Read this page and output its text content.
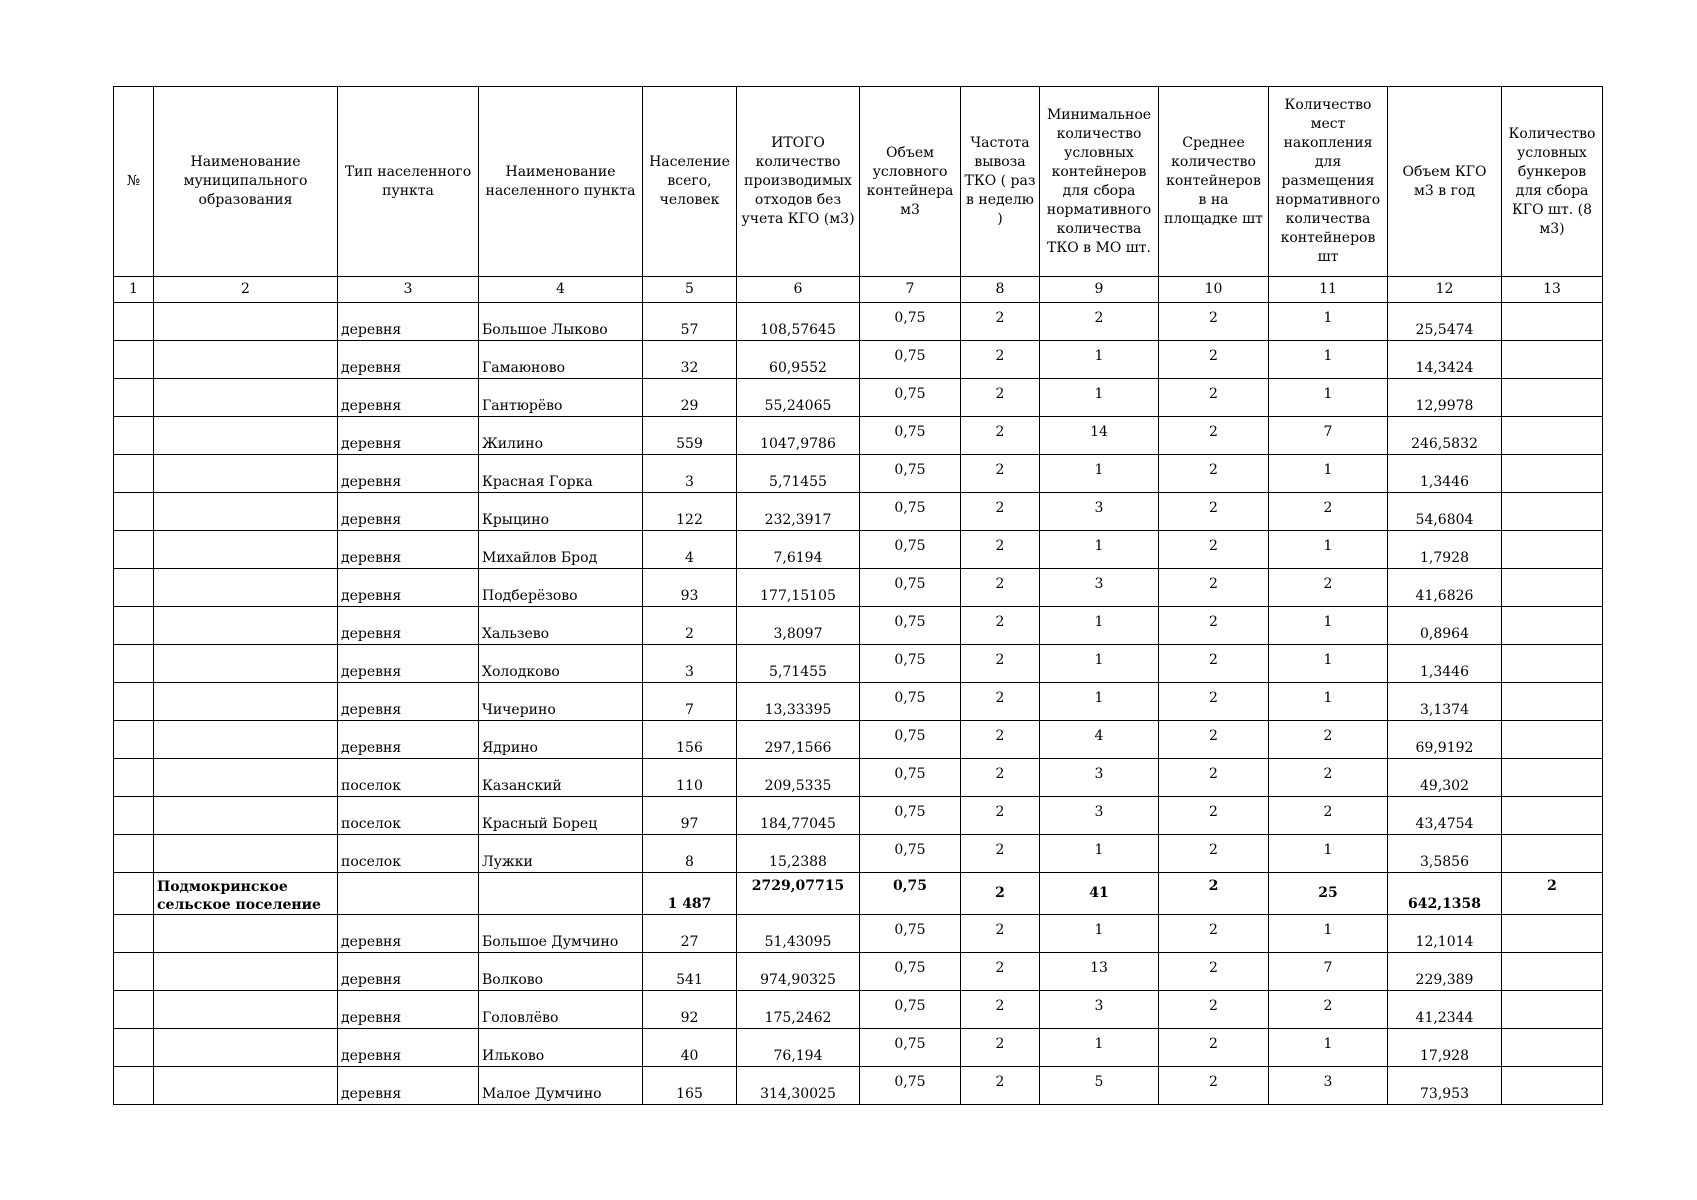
№	Наименование муниципального образования	Тип населенного пункта	Наименование населенного пункта	Население всего, человек	ИТОГО количество производимых отходов без учета КГО (м3)	Объем условного контейнера м3	Частота вывоза ТКО ( раз в неделю )	Минимальное количество условных контейнеров для сбора нормативного количества ТКО в МО шт.	Среднее количество контейнеров в на площадке шт	Количество мест накопления для размещения нормативного количества контейнеров шт	Объем КГО м3 в год	Количество условных бункеров для сбора КГО шт. (8 м3)
1	2	3	4	5	6	7	8	9	10	11	12	13
		деревня	Большое Лыково	57	108,57645	0,75	2	2	2	1	25,5474	
		деревня	Гамаюново	32	60,9552	0,75	2	1	2	1	14,3424	
		деревня	Гантюрёво	29	55,24065	0,75	2	1	2	1	12,9978	
		деревня	Жилино	559	1047,9786	0,75	2	14	2	7	246,5832	
		деревня	Красная Горка	3	5,71455	0,75	2	1	2	1	1,3446	
		деревня	Крыцино	122	232,3917	0,75	2	3	2	2	54,6804	
		деревня	Михайлов Брод	4	7,6194	0,75	2	1	2	1	1,7928	
		деревня	Подберёзово	93	177,15105	0,75	2	3	2	2	41,6826	
		деревня	Хальзево	2	3,8097	0,75	2	1	2	1	0,8964	
		деревня	Холодково	3	5,71455	0,75	2	1	2	1	1,3446	
		деревня	Чичерино	7	13,33395	0,75	2	1	2	1	3,1374	
		деревня	Ядрино	156	297,1566	0,75	2	4	2	2	69,9192	
		поселок	Казанский	110	209,5335	0,75	2	3	2	2	49,302	
		поселок	Красный Борец	97	184,77045	0,75	2	3	2	2	43,4754	
		поселок	Лужки	8	15,2388	0,75	2	1	2	1	3,5856	
	Подмокринское сельское поселение			1 487	2729,07715	0,75	2	41	2	25	642,1358	2
		деревня	Большое Думчино	27	51,43095	0,75	2	1	2	1	12,1014	
		деревня	Волково	541	974,90325	0,75	2	13	2	7	229,389	
		деревня	Головлёво	92	175,2462	0,75	2	3	2	2	41,2344	
		деревня	Ильково	40	76,194	0,75	2	1	2	1	17,928	
		деревня	Малое Думчино	165	314,30025	0,75	2	5	2	3	73,953	
